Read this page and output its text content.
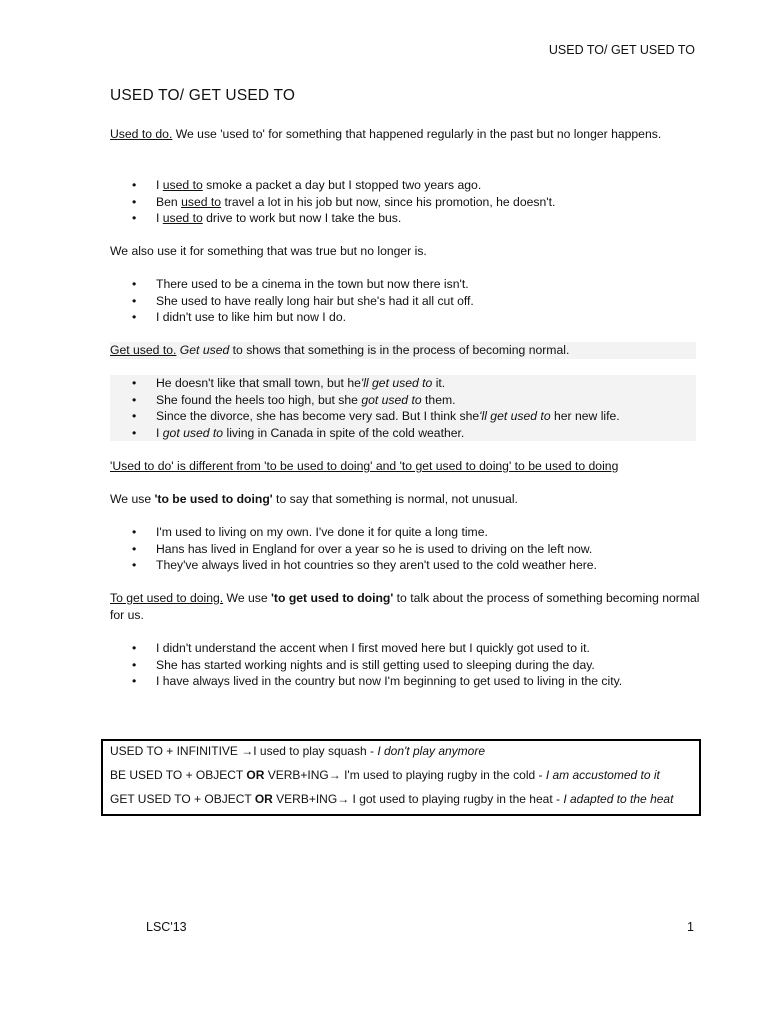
USED TO/ GET USED TO
USED TO/ GET USED TO
Used to do. We use 'used to' for something that happened regularly in the past but no longer happens.
• I used to smoke a packet a day but I stopped two years ago.
• Ben used to travel a lot in his job but now, since his promotion, he doesn't.
• I used to drive to work but now I take the bus.
We also use it for something that was true but no longer is.
• There used to be a cinema in the town but now there isn't.
• She used to have really long hair but she's had it all cut off.
• I didn't use to like him but now I do.
Get used to. Get used to shows that something is in the process of becoming normal.
• He doesn't like that small town, but he'll get used to it.
• She found the heels too high, but she got used to them.
• Since the divorce, she has become very sad. But I think she'll get used to her new life.
• I got used to living in Canada in spite of the cold weather.
'Used to do' is different from 'to be used to doing' and 'to get used to doing' to be used to doing
We use 'to be used to doing' to say that something is normal, not unusual.
• I'm used to living on my own. I've done it for quite a long time.
• Hans has lived in England for over a year so he is used to driving on the left now.
• They've always lived in hot countries so they aren't used to the cold weather here.
To get used to doing. We use 'to get used to doing' to talk about the process of something becoming normal for us.
• I didn't understand the accent when I first moved here but I quickly got used to it.
• She has started working nights and is still getting used to sleeping during the day.
• I have always lived in the country but now I'm beginning to get used to living in the city.
USED TO + INFINITIVE →I used to play squash - I don't play anymore
BE USED TO + OBJECT OR VERB+ING→ I'm used to playing rugby in the cold - I am accustomed to it
GET USED TO + OBJECT OR VERB+ING→ I got used to playing rugby in the heat - I adapted to the heat
LSC'13	1
